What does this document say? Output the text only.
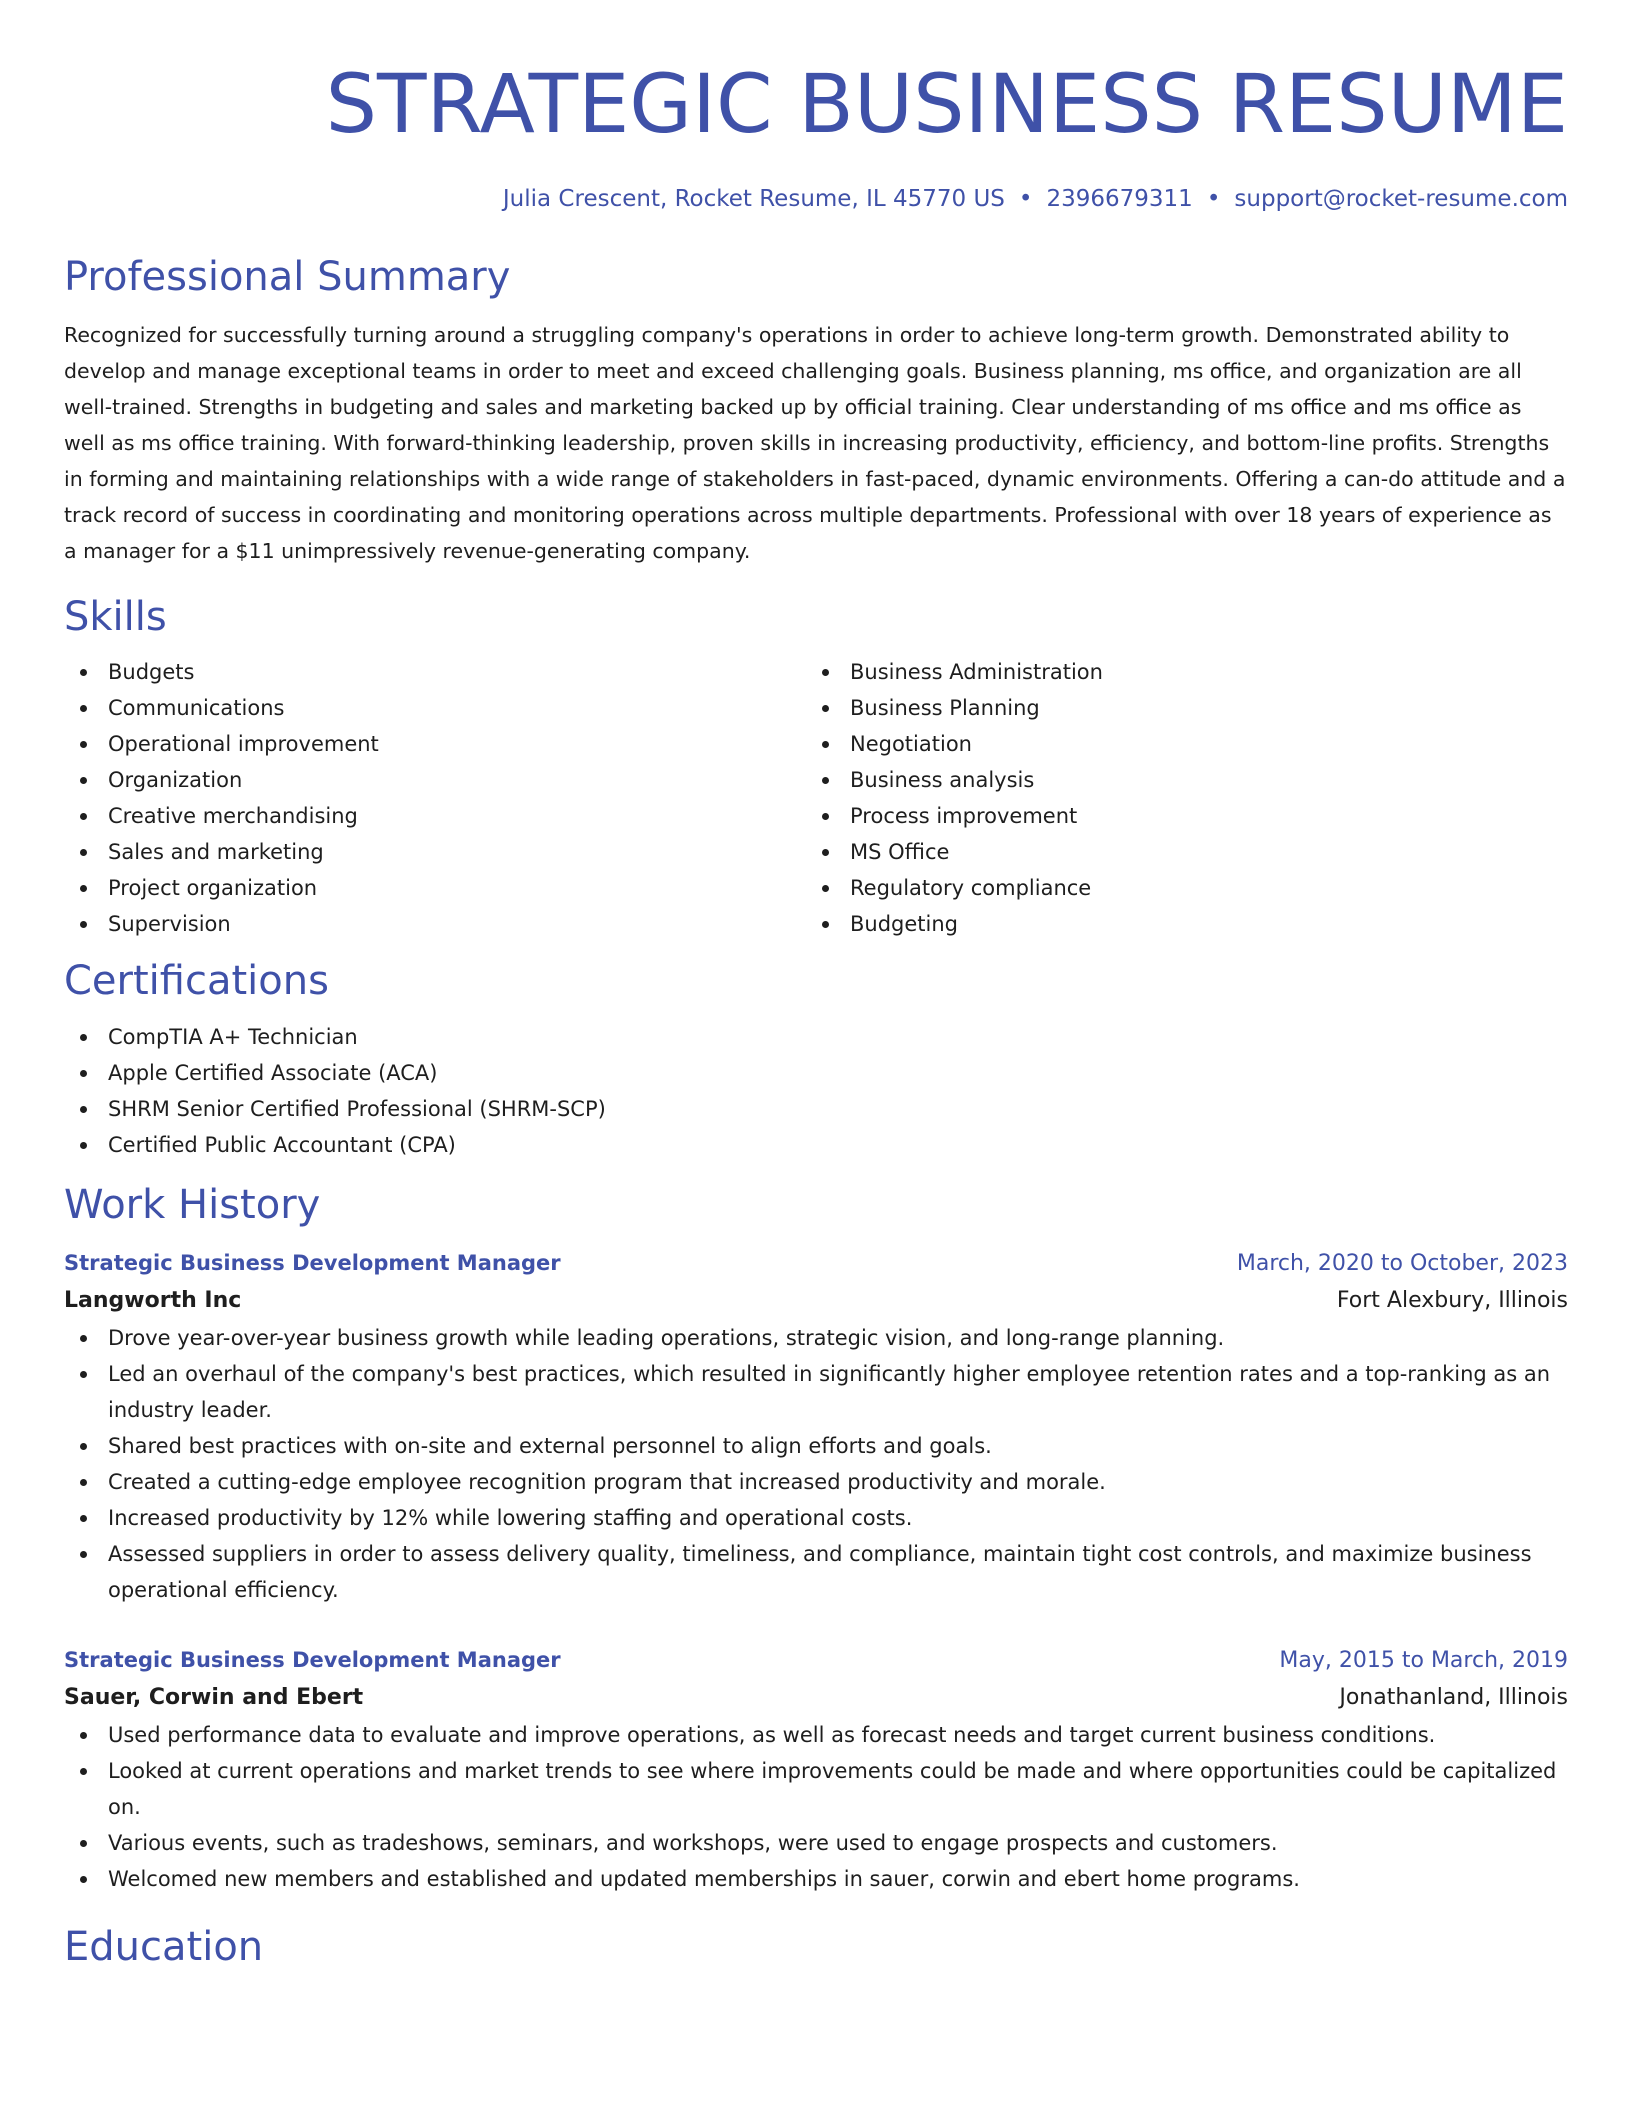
STRATEGIC BUSINESS RESUME
Julia Crescent, Rocket Resume, IL 45770 US • 2396679311 • support@rocket-resume.com
Professional Summary

Recognized for successfully turning around a struggling company's operations in order to achieve long-term growth. Demonstrated ability to develop and manage exceptional teams in order to meet and exceed challenging goals. Business planning, ms office, and organization are all well-trained. Strengths in budgeting and sales and marketing backed up by official training. Clear understanding of ms office and ms office as well as ms office training. With forward-thinking leadership, proven skills in increasing productivity, efficiency, and bottom-line profits. Strengths in forming and maintaining relationships with a wide range of stakeholders in fast-paced, dynamic environments. Offering a can-do attitude and a track record of success in coordinating and monitoring operations across multiple departments. Professional with over 18 years of experience as a manager for a $11 unimpressively revenue-generating company.

Skills
Budgets
Communications
Operational improvement
Organization
Creative merchandising
Sales and marketing
Project organization
Supervision
Business Administration
Business Planning
Negotiation
Business analysis
Process improvement
MS Office
Regulatory compliance
Budgeting
Certifications
CompTIA A+ Technician
Apple Certified Associate (ACA)
SHRM Senior Certified Professional (SHRM-SCP)
Certified Public Accountant (CPA)
Work History
Strategic Business Development Manager	March, 2020 to October, 2023
Langworth Inc	Fort Alexbury, Illinois
Drove year-over-year business growth while leading operations, strategic vision, and long-range planning.
Led an overhaul of the company's best practices, which resulted in significantly higher employee retention rates and a top-ranking as an industry leader.
Shared best practices with on-site and external personnel to align efforts and goals.
Created a cutting-edge employee recognition program that increased productivity and morale.
Increased productivity by 12% while lowering staffing and operational costs.
Assessed suppliers in order to assess delivery quality, timeliness, and compliance, maintain tight cost controls, and maximize business operational efficiency.
Strategic Business Development Manager	May, 2015 to March, 2019
Sauer, Corwin and Ebert	Jonathanland, Illinois
Used performance data to evaluate and improve operations, as well as forecast needs and target current business conditions.
Looked at current operations and market trends to see where improvements could be made and where opportunities could be capitalized on.
Various events, such as tradeshows, seminars, and workshops, were used to engage prospects and customers.
Welcomed new members and established and updated memberships in sauer, corwin and ebert home programs.
Education
